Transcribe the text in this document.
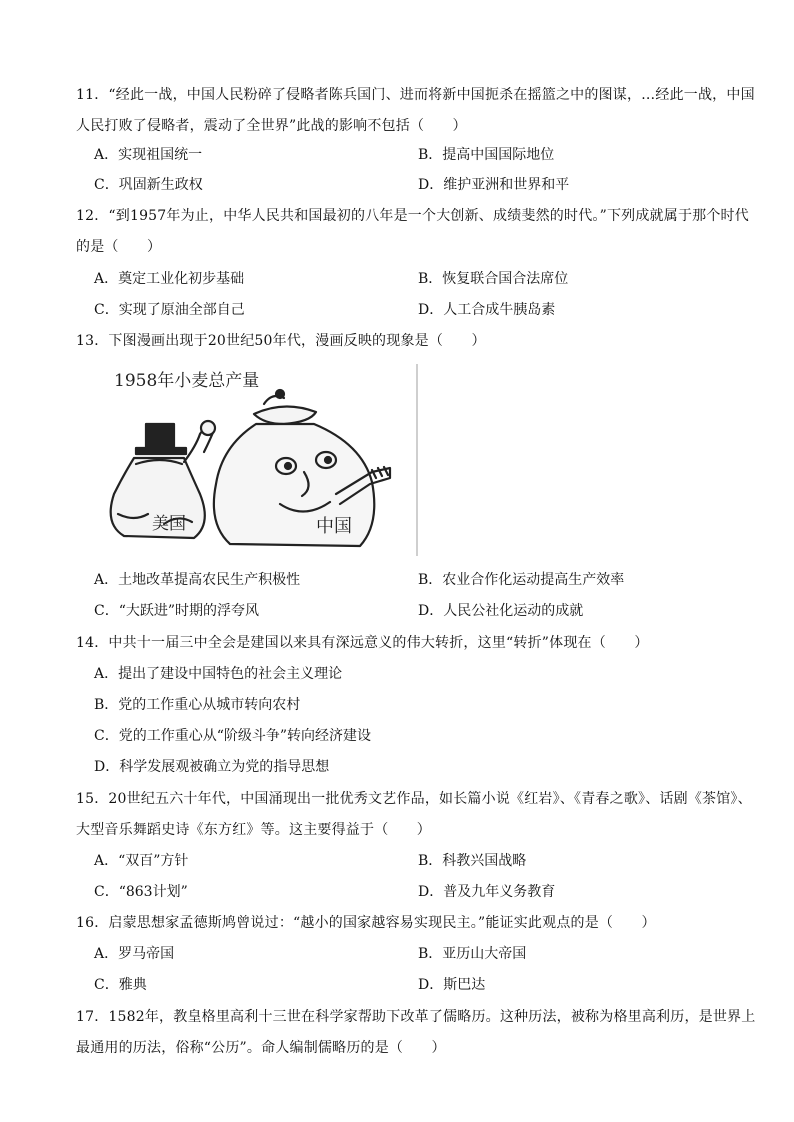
11．“经此一战，中国人民粉碎了侵略者陈兵国门、进而将新中国扼杀在摇篮之中的图谋，…经此一战，中国人民打败了侵略者，震动了全世界”此战的影响不包括（　　）
A．实现祖国统一	B．提高中国国际地位
C．巩固新生政权	D．维护亚洲和世界和平
12．“到1957年为止，中华人民共和国最初的八年是一个大创新、成绩斐然的时代。”下列成就属于那个时代的是（　　）
A．奠定工业化初步基础	B．恢复联合国合法席位
C．实现了原油全部自己	D．人工合成牛胰岛素
13．下图漫画出现于20世纪50年代，漫画反映的现象是（　　）
1958年小麦总产量
美国	中国
A．土地改革提高农民生产积极性	B．农业合作化运动提高生产效率
C．“大跃进”时期的浮夸风	D．人民公社化运动的成就
14．中共十一届三中全会是建国以来具有深远意义的伟大转折，这里“转折”体现在（　　）
A．提出了建设中国特色的社会主义理论
B．党的工作重心从城市转向农村
C．党的工作重心从“阶级斗争”转向经济建设
D．科学发展观被确立为党的指导思想
15．20世纪五六十年代，中国涌现出一批优秀文艺作品，如长篇小说《红岩》、《青春之歌》、话剧《茶馆》、大型音乐舞蹈史诗《东方红》等。这主要得益于（　　）
A．“双百”方针	B．科教兴国战略
C．“863计划”	D．普及九年义务教育
16．启蒙思想家孟德斯鸠曾说过：“越小的国家越容易实现民主。”能证实此观点的是（　　）
A．罗马帝国	B．亚历山大帝国
C．雅典	D．斯巴达
17．1582年，教皇格里高利十三世在科学家帮助下改革了儒略历。这种历法，被称为格里高利历，是世界上最通用的历法，俗称“公历”。命人编制儒略历的是（　　）
